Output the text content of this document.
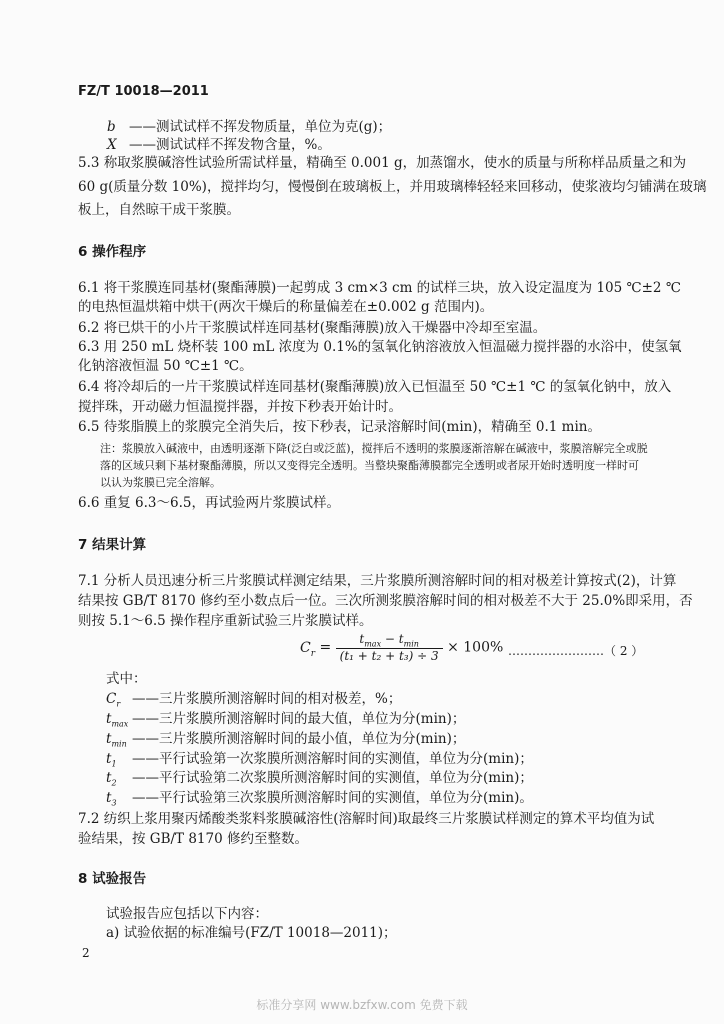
FZ/T 10018—2011
b ——测试试样不挥发物质量，单位为克(g)；
X ——测试试样不挥发物含量，%。
5.3 称取浆膜碱溶性试验所需试样量，精确至 0.001 g，加蒸馏水，使水的质量与所称样品质量之和为
60 g(质量分数 10%)，搅拌均匀，慢慢倒在玻璃板上，并用玻璃棒轻轻来回移动，使浆液均匀铺满在玻璃
板上，自然晾干成干浆膜。
6 操作程序
6.1 将干浆膜连同基材(聚酯薄膜)一起剪成 3 cm×3 cm 的试样三块，放入设定温度为 105 ℃±2 ℃
的电热恒温烘箱中烘干(两次干燥后的称量偏差在±0.002 g 范围内)。
6.2 将已烘干的小片干浆膜试样连同基材(聚酯薄膜)放入干燥器中冷却至室温。
6.3 用 250 mL 烧杯装 100 mL 浓度为 0.1%的氢氧化钠溶液放入恒温磁力搅拌器的水浴中，使氢氧
化钠溶液恒温 50 ℃±1 ℃。
6.4 将冷却后的一片干浆膜试样连同基材(聚酯薄膜)放入已恒温至 50 ℃±1 ℃ 的氢氧化钠中，放入
搅拌珠，开动磁力恒温搅拌器，并按下秒表开始计时。
6.5 待浆脂膜上的浆膜完全消失后，按下秒表，记录溶解时间(min)，精确至 0.1 min。
注：浆膜放入碱液中，由透明逐渐下降(泛白或泛蓝)，搅拌后不透明的浆膜逐渐溶解在碱液中，浆膜溶解完全或脱落的区域只剩下基材聚酯薄膜，所以又变得完全透明。当整块聚酯薄膜都完全透明或者尿开始时透明度一样时可以认为浆膜已完全溶解。
6.6 重复 6.3～6.5，再试验两片浆膜试样。
7 结果计算
7.1 分析人员迅速分析三片浆膜试样测定结果，三片浆膜所测溶解时间的相对极差计算按式(2)，计算
结果按 GB/T 8170 修约至小数点后一位。三次所测浆膜溶解时间的相对极差不大于 25.0%即采用，否
则按 5.1～6.5 操作程序重新试验三片浆膜试样。
$C_r = \frac{t_{max} - t_{min}}{\text{(t₁ + t₂ + t₃) ÷ 3}} \times 100\%$ ……………………（ 2 ）
式中：
$C_r$ ——三片浆膜所测溶解时间的相对极差，%；
$t_{max}$ ——三片浆膜所测溶解时间的最大值，单位为分(min)；
$t_{min}$ ——三片浆膜所测溶解时间的最小值，单位为分(min)；
$t_1$ ——平行试验第一次浆膜所测溶解时间的实测值，单位为分(min)；
$t_2$ ——平行试验第二次浆膜所测溶解时间的实测值，单位为分(min)；
$t_3$ ——平行试验第三次浆膜所测溶解时间的实测值，单位为分(min)。
7.2 纺织上浆用聚丙烯酸类浆料浆膜碱溶性(溶解时间)取最终三片浆膜试样测定的算术平均值为试
验结果，按 GB/T 8170 修约至整数。
8 试验报告
试验报告应包括以下内容：
a) 试验依据的标准编号(FZ/T 10018—2011)；
2
标准分享网 www.bzfxw.com 免费下载
